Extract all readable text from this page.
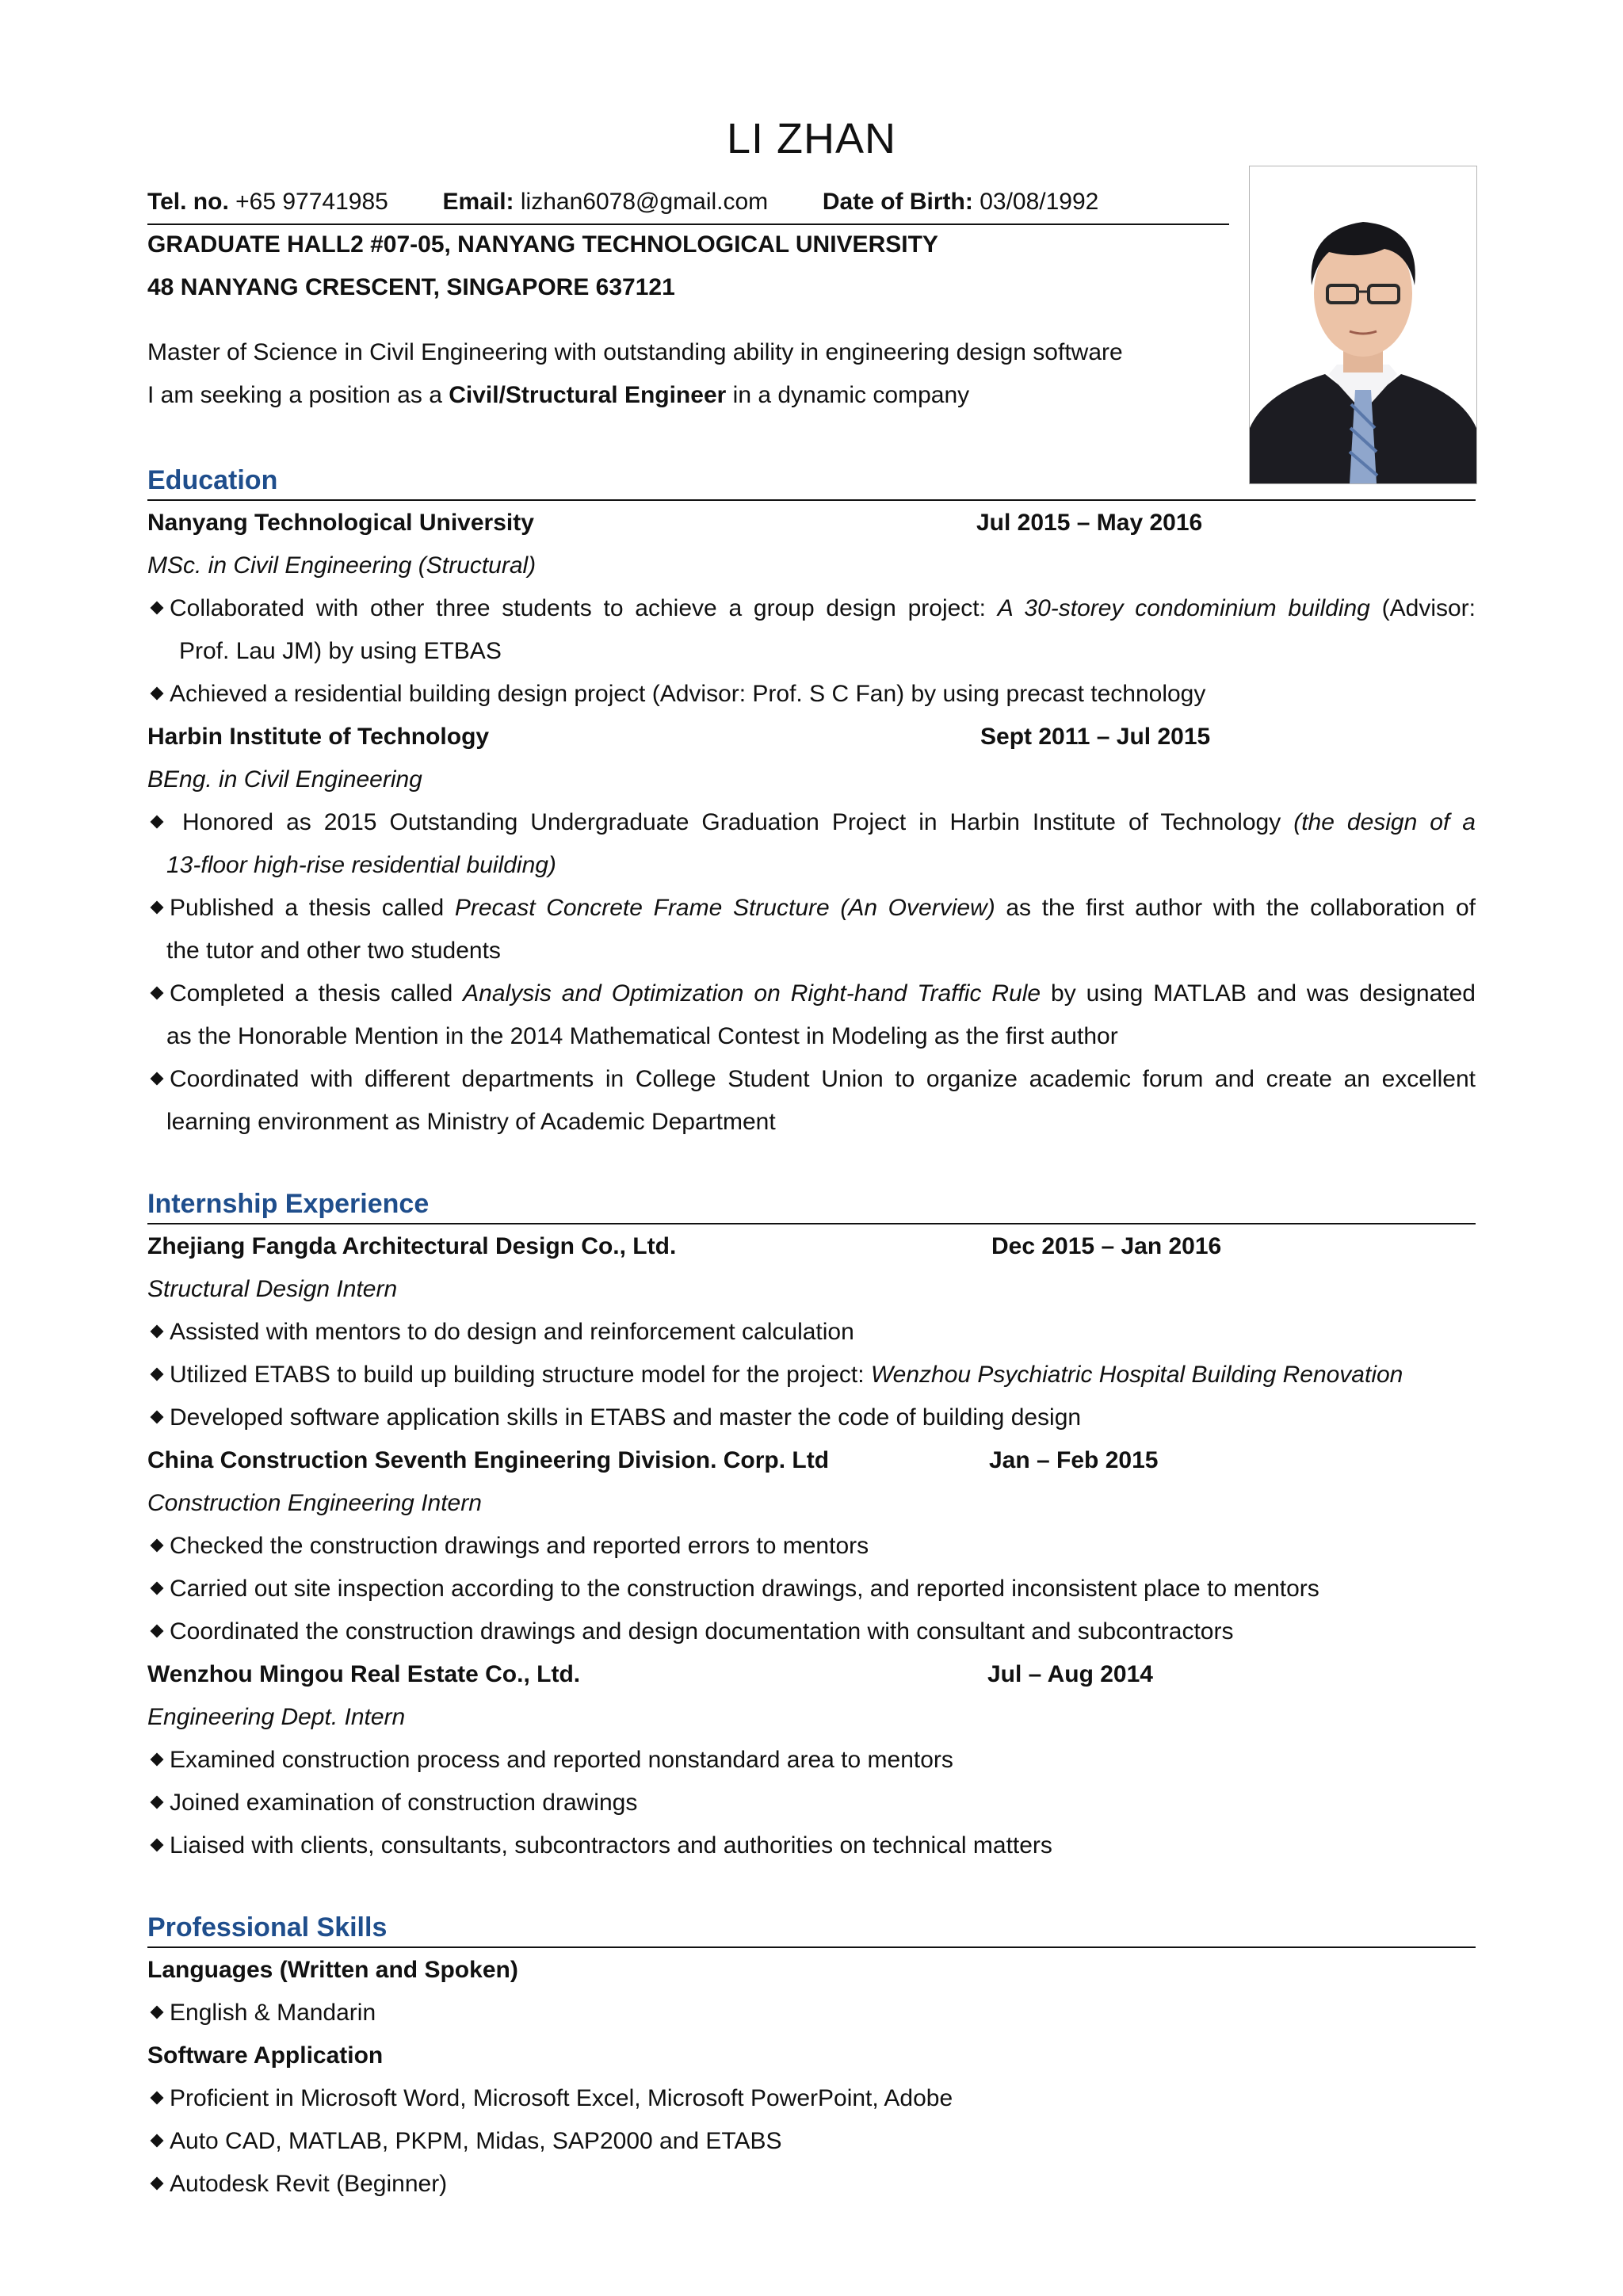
LI ZHAN
Tel. no. +65 97741985 Email: lizhan6078@gmail.com Date of Birth: 03/08/1992
GRADUATE HALL2 #07-05, NANYANG TECHNOLOGICAL UNIVERSITY
48 NANYANG CRESCENT, SINGAPORE 637121
Master of Science in Civil Engineering with outstanding ability in engineering design software
I am seeking a position as a Civil/Structural Engineer in a dynamic company
Education
Nanyang Technological University	Jul 2015 – May 2016
MSc. in Civil Engineering (Structural)
Collaborated with other three students to achieve a group design project: A 30-storey condominium building (Advisor:
Prof. Lau JM) by using ETBAS
Achieved a residential building design project (Advisor: Prof. S C Fan) by using precast technology
Harbin Institute of Technology	Sept 2011 – Jul 2015
BEng. in Civil Engineering
Honored as 2015 Outstanding Undergraduate Graduation Project in Harbin Institute of Technology (the design of a
13-floor high-rise residential building)
Published a thesis called Precast Concrete Frame Structure (An Overview) as the first author with the collaboration of
the tutor and other two students
Completed a thesis called Analysis and Optimization on Right-hand Traffic Rule by using MATLAB and was designated
as the Honorable Mention in the 2014 Mathematical Contest in Modeling as the first author
Coordinated with different departments in College Student Union to organize academic forum and create an excellent
learning environment as Ministry of Academic Department
Internship Experience
Zhejiang Fangda Architectural Design Co., Ltd.	Dec 2015 – Jan 2016
Structural Design Intern
Assisted with mentors to do design and reinforcement calculation
Utilized ETABS to build up building structure model for the project: Wenzhou Psychiatric Hospital Building Renovation
Developed software application skills in ETABS and master the code of building design
China Construction Seventh Engineering Division. Corp. Ltd	Jan – Feb 2015
Construction Engineering Intern
Checked the construction drawings and reported errors to mentors
Carried out site inspection according to the construction drawings, and reported inconsistent place to mentors
Coordinated the construction drawings and design documentation with consultant and subcontractors
Wenzhou Mingou Real Estate Co., Ltd.	Jul – Aug 2014
Engineering Dept. Intern
Examined construction process and reported nonstandard area to mentors
Joined examination of construction drawings
Liaised with clients, consultants, subcontractors and authorities on technical matters
Professional Skills
Languages (Written and Spoken)
English & Mandarin
Software Application
Proficient in Microsoft Word, Microsoft Excel, Microsoft PowerPoint, Adobe
Auto CAD, MATLAB, PKPM, Midas, SAP2000 and ETABS
Autodesk Revit (Beginner)
